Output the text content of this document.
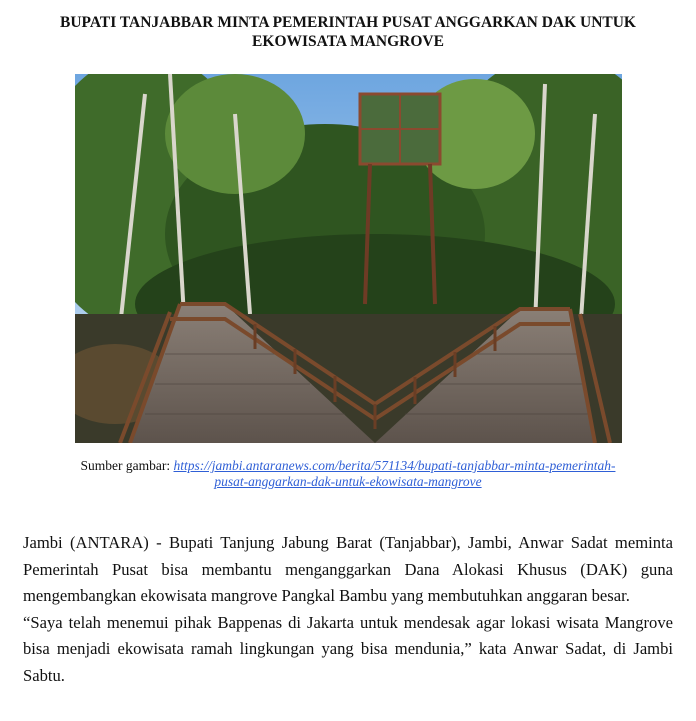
BUPATI TANJABBAR MINTA PEMERINTAH PUSAT ANGGARKAN DAK UNTUK
EKOWISATA MANGROVE
Sumber gambar: https://jambi.antaranews.com/berita/571134/bupati-tanjabbar-minta-pemerintah-
pusat-anggarkan-dak-untuk-ekowisata-mangrove

Jambi (ANTARA) - Bupati Tanjung Jabung Barat (Tanjabbar), Jambi, Anwar Sadat meminta Pemerintah Pusat bisa membantu menganggarkan Dana Alokasi Khusus (DAK) guna mengembangkan ekowisata mangrove Pangkal Bambu yang membutuhkan anggaran besar.

“Saya telah menemui pihak Bappenas di Jakarta untuk mendesak agar lokasi wisata Mangrove bisa menjadi ekowisata ramah lingkungan yang bisa mendunia,” kata Anwar Sadat, di Jambi Sabtu.
